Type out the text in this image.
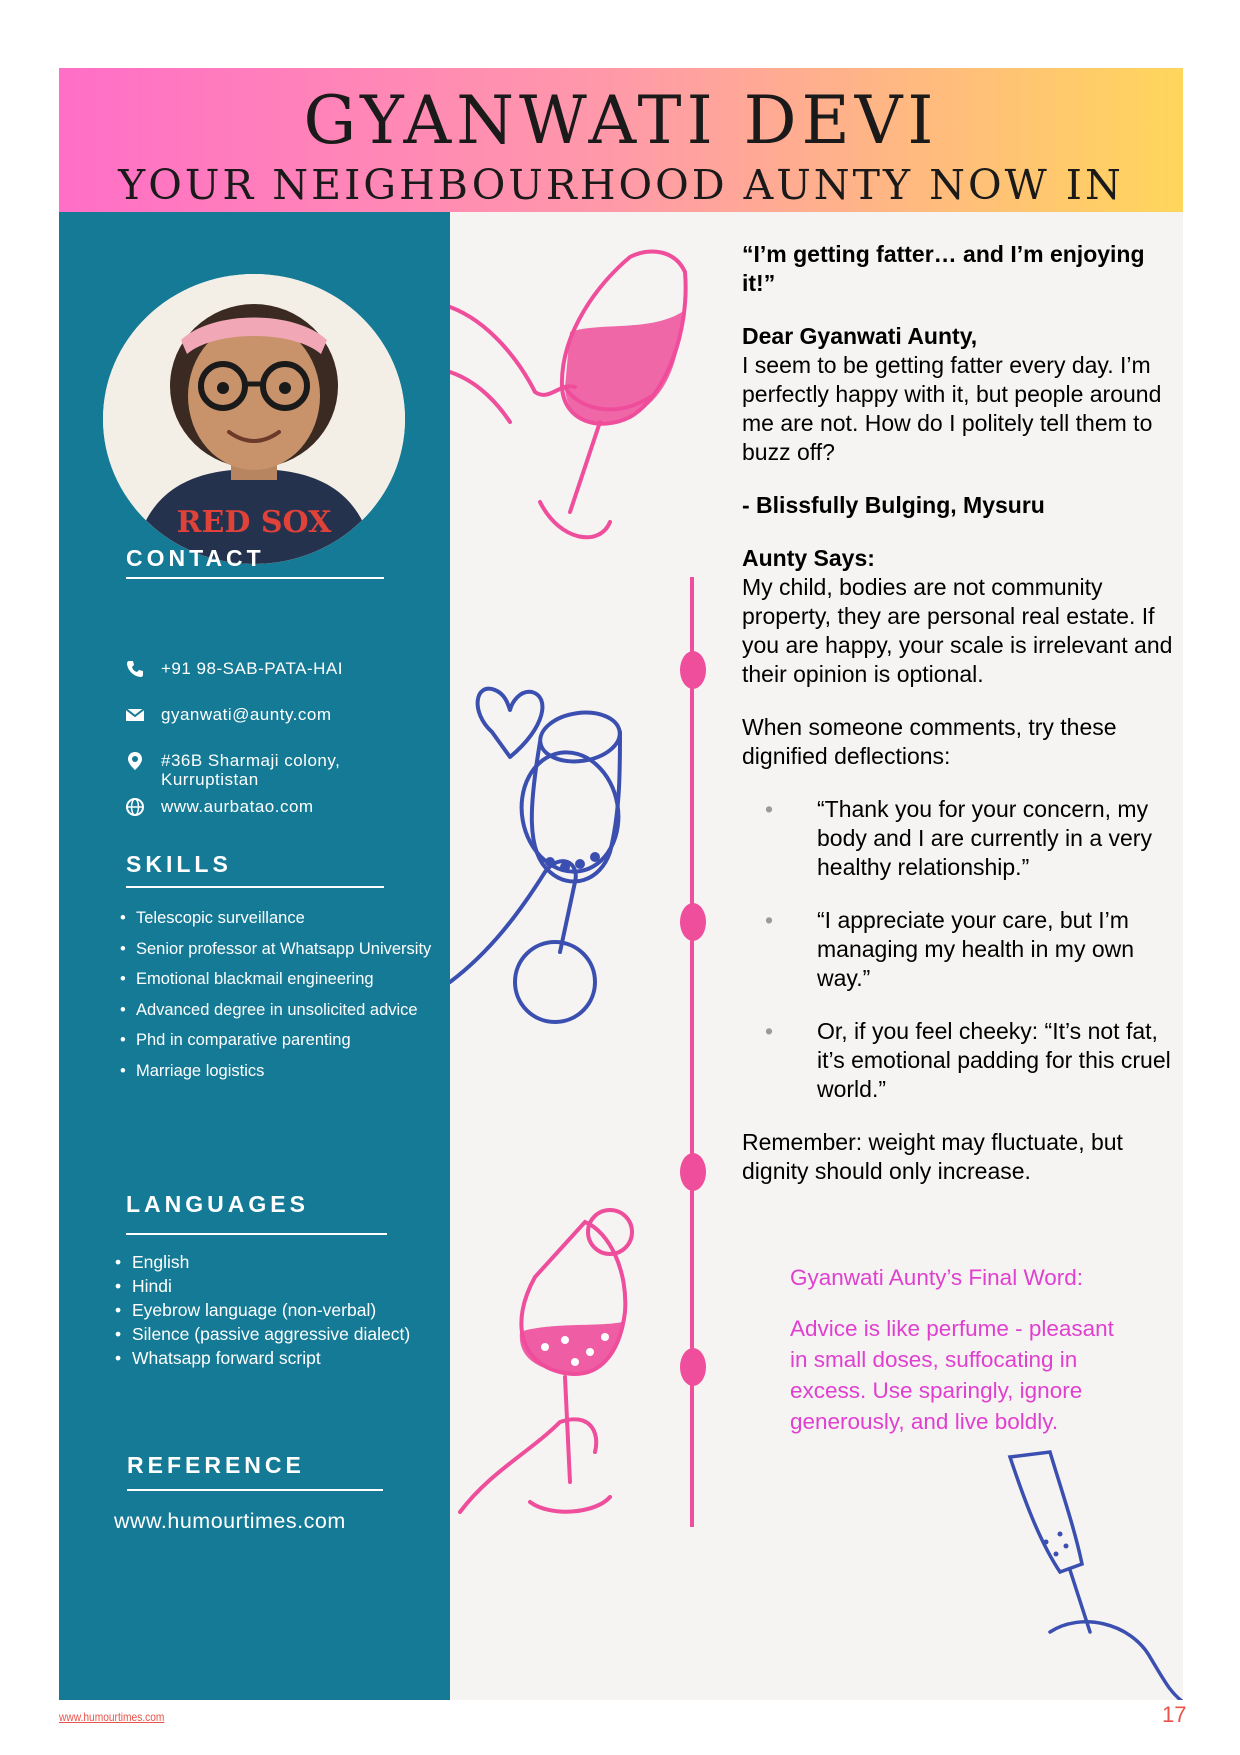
GYANWATI DEVI
YOUR NEIGHBOURHOOD AUNTY NOW IN
RED SOX
CONTACT
+91 98-SAB-PATA-HAI
gyanwati@aunty.com
#36B Sharmaji colony,
Kurruptistan
www.aurbatao.com
SKILLS
• Telescopic surveillance
• Senior professor at Whatsapp University
• Emotional blackmail engineering
• Advanced degree in unsolicited advice
• Phd in comparative parenting
• Marriage logistics
LANGUAGES
• English
• Hindi
• Eyebrow language (non-verbal)
• Silence (passive aggressive dialect)
• Whatsapp forward script
REFERENCE
www.humourtimes.com

“I’m getting fatter… and I’m enjoying it!”

Dear Gyanwati Aunty,

I seem to be getting fatter every day. I’m perfectly happy with it, but people around me are not. How do I politely tell them to buzz off?

- Blissfully Bulging, Mysuru

Aunty Says:

My child, bodies are not community property, they are personal real estate. If you are happy, your scale is irrelevant and their opinion is optional.

When someone comments, try these dignified deflections:

•	“Thank you for your concern, my body and I are currently in a very healthy relationship.”
•	“I appreciate your care, but I’m managing my health in my own way.”
•	Or, if you feel cheeky: “It’s not fat, it’s emotional padding for this cruel world.”

Remember: weight may fluctuate, but dignity should only increase.

Gyanwati Aunty’s Final Word:

Advice is like perfume - pleasant in small doses, suffocating in excess. Use sparingly, ignore generously, and live boldly.

www.humourtimes.com	17
